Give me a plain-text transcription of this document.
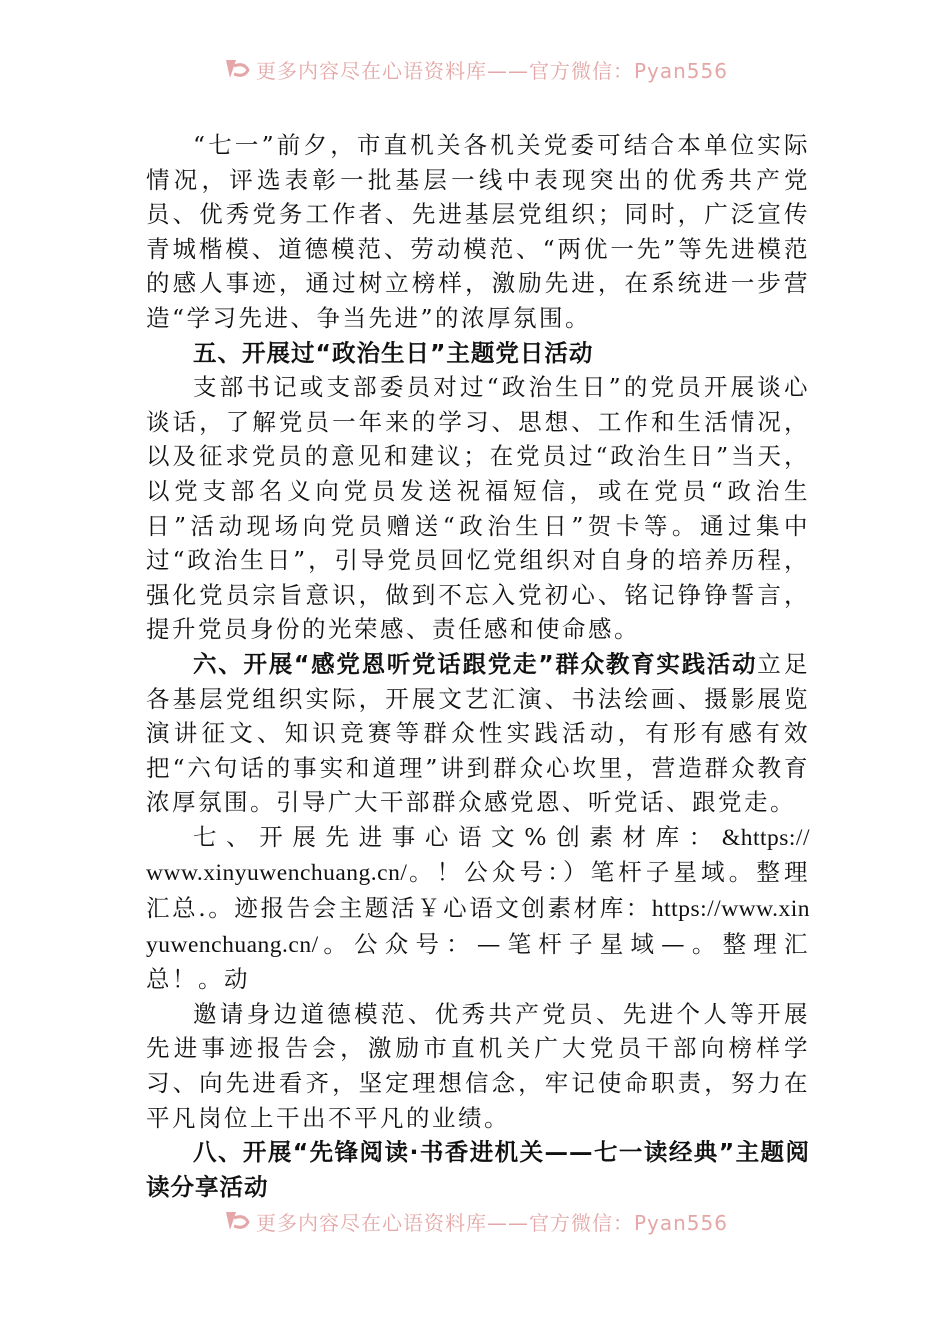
更多内容尽在心语资料库——官方微信：Pyan556

“七一”前夕，市直机关各机关党委可结合本单位实际情况，评选表彰一批基层一线中表现突出的优秀共产党员、优秀党务工作者、先进基层党组织；同时，广泛宣传青城楷模、道德模范、劳动模范、“两优一先”等先进模范的感人事迹，通过树立榜样，激励先进，在系统进一步营造“学习先进、争当先进”的浓厚氛围。

五、开展过“政治生日”主题党日活动

支部书记或支部委员对过“政治生日”的党员开展谈心谈话，了解党员一年来的学习、思想、工作和生活情况，以及征求党员的意见和建议；在党员过“政治生日”当天，以党支部名义向党员发送祝福短信，或在党员“政治生日”活动现场向党员赠送“政治生日”贺卡等。通过集中过“政治生日”，引导党员回忆党组织对自身的培养历程，强化党员宗旨意识，做到不忘入党初心、铭记铮铮誓言，提升党员身份的光荣感、责任感和使命感。

六、开展“感党恩听党话跟党走”群众教育实践活动立足各基层党组织实际，开展文艺汇演、书法绘画、摄影展览演讲征文、知识竞赛等群众性实践活动，有形有感有效把“六句话的事实和道理”讲到群众心坎里，营造群众教育浓厚氛围。引导广大干部群众感党恩、听党话、跟党走。

七、开展先进事心语文%创素材库：&https://www.xinyuwenchuang.cn/。！公众号：）笔杆子星域。整理汇总.。迹报告会主题活￥心语文创素材库：https://www.xinyuwenchuang.cn/。公众号：—笔杆子星域—。整理汇总！。动

邀请身边道德模范、优秀共产党员、先进个人等开展先进事迹报告会，激励市直机关广大党员干部向榜样学习、向先进看齐，坚定理想信念，牢记使命职责，努力在平凡岗位上干出不平凡的业绩。

八、开展“先锋阅读·书香进机关——七一读经典”主题阅读分享活动

更多内容尽在心语资料库——官方微信：Pyan556
